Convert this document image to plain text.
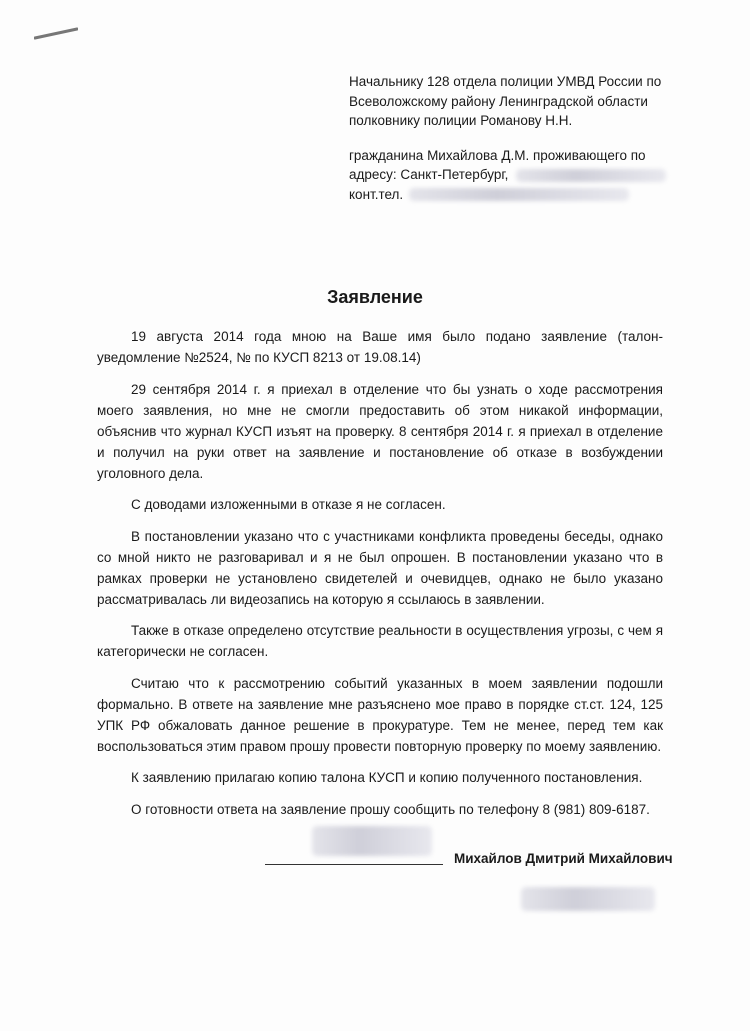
Начальнику 128 отдела полиции УМВД России по

Всеволожскому району Ленинградской области

полковнику полиции Романову Н.Н.

гражданина Михайлова Д.М. проживающего по

адресу: Санкт-Петербург,

конт.тел.

Заявление

19 августа 2014 года мною на Ваше имя было подано заявление (талон-уведомление №2524, № по КУСП 8213 от 19.08.14)

29 сентября 2014 г. я приехал в отделение что бы узнать о ходе рассмотрения моего заявления, но мне не смогли предоставить об этом никакой информации, объяснив что журнал КУСП изъят на проверку. 8 сентября 2014 г. я приехал в отделение и получил на руки ответ на заявление и постановление об отказе в возбуждении уголовного дела.

С доводами изложенными в отказе я не согласен.

В постановлении указано что с участниками конфликта проведены беседы, однако со мной никто не разговаривал и я не был опрошен. В постановлении указано что в рамках проверки не установлено свидетелей и очевидцев, однако не было указано рассматривалась ли видеозапись на которую я ссылаюсь в заявлении.

Также в отказе определено отсутствие реальности в осуществления угрозы, с чем я категорически не согласен.

Считаю что к рассмотрению событий указанных в моем заявлении подошли формально. В ответе на заявление мне разъяснено мое право в порядке ст.ст. 124, 125 УПК РФ обжаловать данное решение в прокуратуре. Тем не менее, перед тем как воспользоваться этим правом прошу провести повторную проверку по моему заявлению.

К заявлению прилагаю копию талона КУСП и копию полученного постановления.

О готовности ответа на заявление прошу сообщить по телефону 8 (981) 809-6187.

Михайлов Дмитрий Михайлович
